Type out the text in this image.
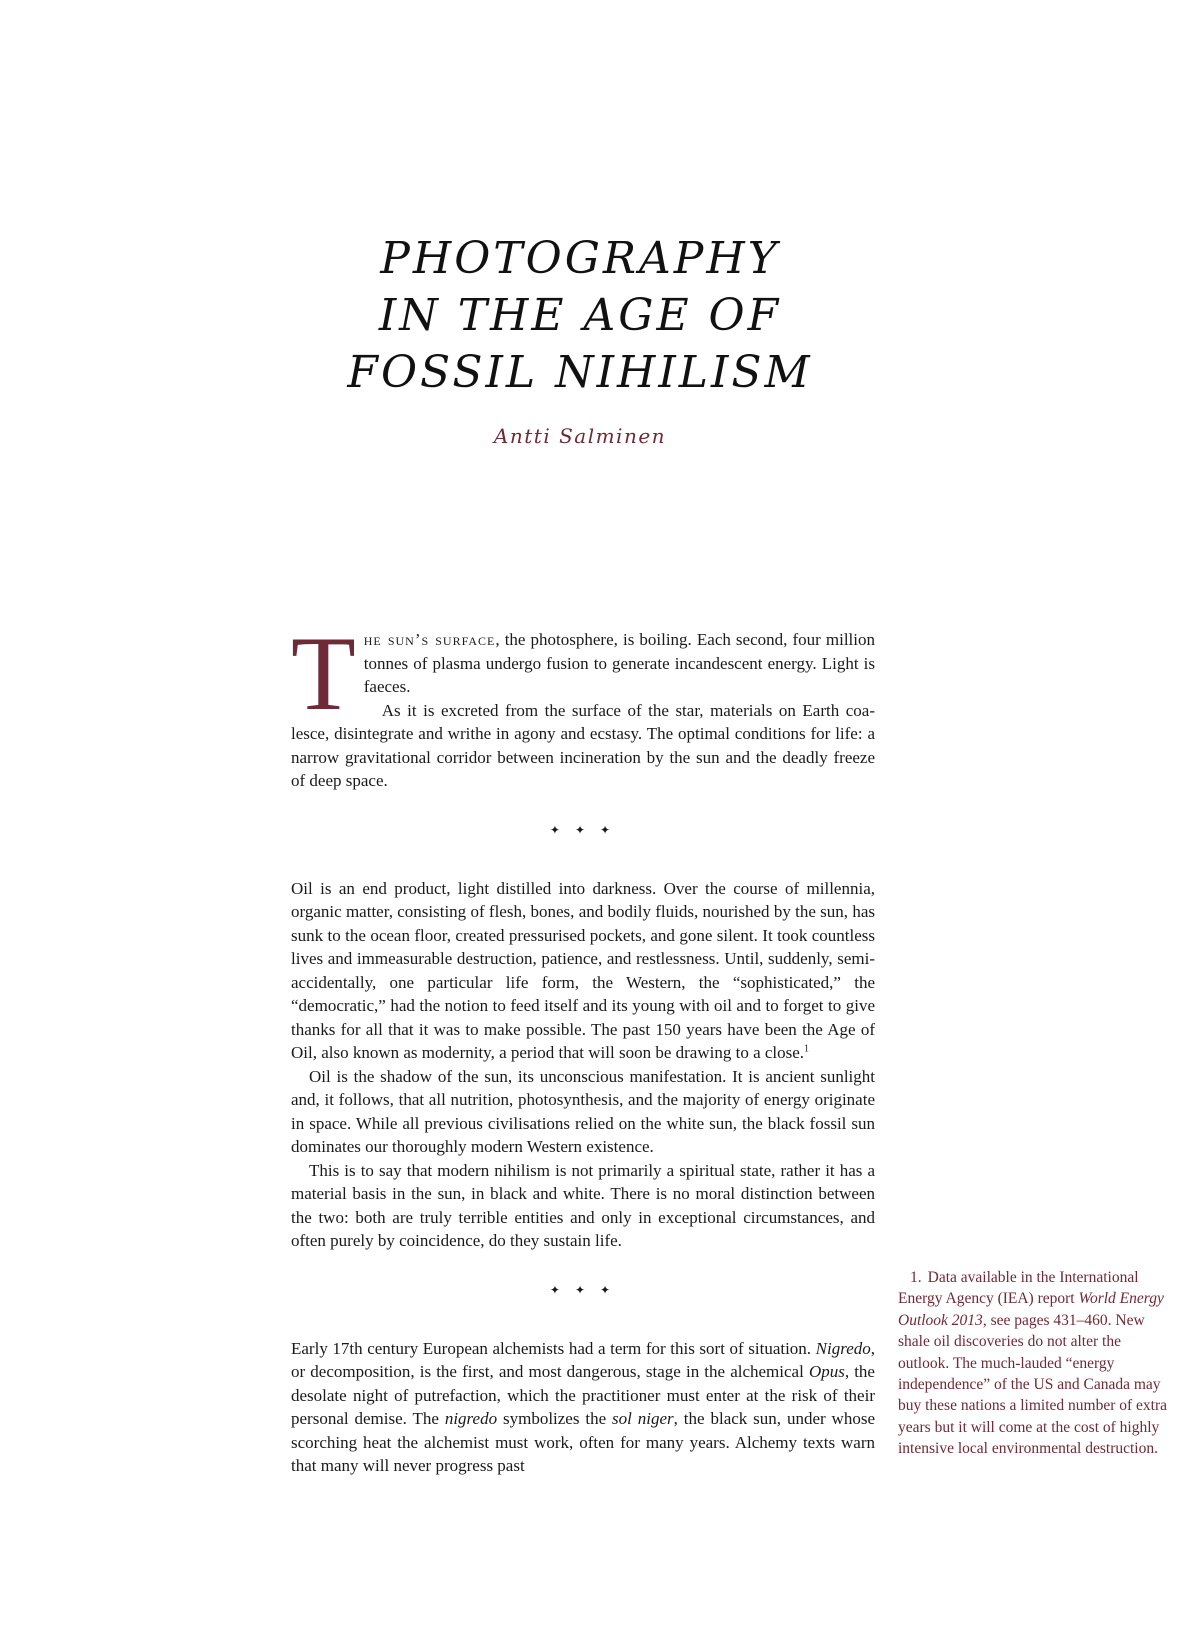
PHOTOGRAPHY
IN THE AGE OF
FOSSIL NIHILISM
Antti Salminen

The sun’s surface, the photosphere, is boiling. Each second, four million tonnes of plasma undergo fusion to generate incandescent energy. Light is faeces.

As it is excreted from the surface of the star, materials on Earth coalesce, disintegrate and writhe in agony and ecstasy. The optimal conditions for life: a narrow gravitational corridor between incineration by the sun and the deadly freeze of deep space.

✦ ✦ ✦

Oil is an end product, light distilled into darkness. Over the course of millennia, organic matter, consisting of flesh, bones, and bodily fluids, nourished by the sun, has sunk to the ocean floor, created pressurised pockets, and gone silent. It took countless lives and immeasurable destruction, patience, and restlessness. Until, suddenly, semi-accidentally, one particular life form, the Western, the “sophisticated,” the “democratic,” had the notion to feed itself and its young with oil and to forget to give thanks for all that it was to make possible. The past 150 years have been the Age of Oil, also known as modernity, a period that will soon be drawing to a close.$^1$

Oil is the shadow of the sun, its unconscious manifestation. It is ancient sunlight and, it follows, that all nutrition, photosynthesis, and the majority of energy originate in space. While all previous civilisations relied on the white sun, the black fossil sun dominates our thoroughly modern Western existence.

This is to say that modern nihilism is not primarily a spiritual state, rather it has a material basis in the sun, in black and white. There is no moral distinction between the two: both are truly terrible entities and only in exceptional circumstances, and often purely by coincidence, do they sustain life.

✦ ✦ ✦

Early 17th century European alchemists had a term for this sort of situation. Nigredo, or decomposition, is the first, and most dangerous, stage in the alchemical Opus, the desolate night of putrefaction, which the practitioner must enter at the risk of their personal demise. The nigredo symbolizes the sol niger, the black sun, under whose scorching heat the alchemist must work, often for many years. Alchemy texts warn that many will never progress past

1. Data available in the International Energy Agency (IEA) report World Energy Outlook 2013, see pages 431–460. New shale oil discoveries do not alter the outlook. The much-lauded “energy independence” of the US and Canada may buy these nations a limited number of extra years but it will come at the cost of highly intensive local environmental destruction.
